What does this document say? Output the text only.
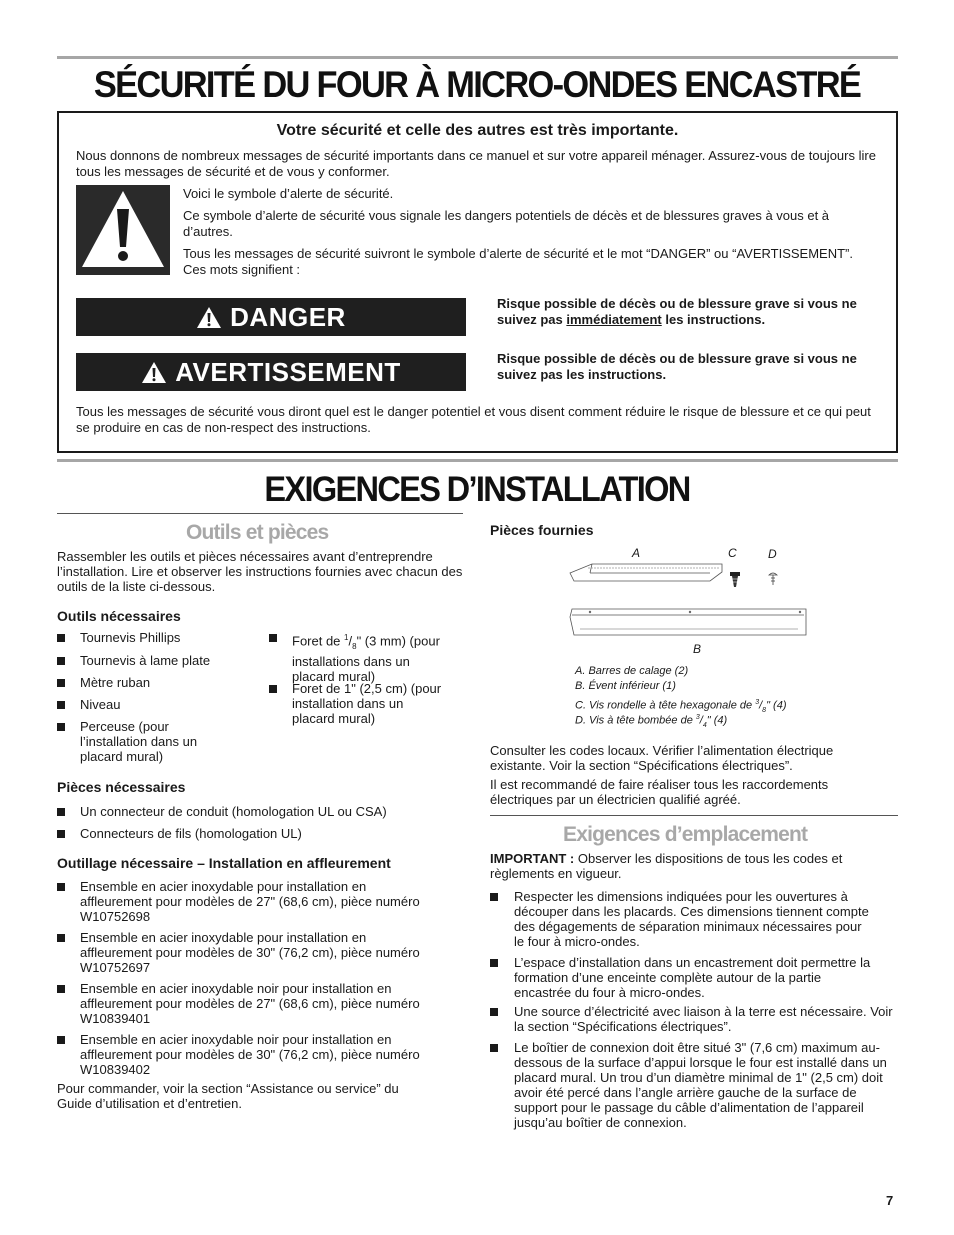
SÉCURITÉ DU FOUR À MICRO-ONDES ENCASTRÉ
Votre sécurité et celle des autres est très importante.
Nous donnons de nombreux messages de sécurité importants dans ce manuel et sur votre appareil ménager. Assurez-vous de toujours lire tous les messages de sécurité et de vous y conformer.
Voici le symbole d’alerte de sécurité.
Ce symbole d’alerte de sécurité vous signale les dangers potentiels de décès et de blessures graves à vous et à d’autres.
Tous les messages de sécurité suivront le symbole d’alerte de sécurité et le mot “DANGER” ou “AVERTISSEMENT”. Ces mots signifient :
DANGER	Risque possible de décès ou de blessure grave si vous ne suivez pas immédiatement les instructions.
AVERTISSEMENT	Risque possible de décès ou de blessure grave si vous ne suivez pas les instructions.
Tous les messages de sécurité vous diront quel est le danger potentiel et vous disent comment réduire le risque de blessure et ce qui peut se produire en cas de non-respect des instructions.
EXIGENCES D’INSTALLATION
Outils et pièces
Rassembler les outils et pièces nécessaires avant d’entreprendre l’installation. Lire et observer les instructions fournies avec chacun des outils de la liste ci-dessous.
Outils nécessaires
Tournevis Phillips
Tournevis à lame plate
Mètre ruban
Niveau
Perceuse (pour l’installation dans un placard mural)
Foret de $^1/_8$" (3 mm) (pour installations dans un placard mural)
Foret de 1" (2,5 cm) (pour installation dans un placard mural)
Pièces nécessaires
Un connecteur de conduit (homologation UL ou CSA)
Connecteurs de fils (homologation UL)
Outillage nécessaire – Installation en affleurement
Ensemble en acier inoxydable pour installation en affleurement pour modèles de 27" (68,6 cm), pièce numéro W10752698
Ensemble en acier inoxydable pour installation en affleurement pour modèles de 30" (76,2 cm), pièce numéro W10752697
Ensemble en acier inoxydable noir pour installation en affleurement pour modèles de 27" (68,6 cm), pièce numéro W10839401
Ensemble en acier inoxydable noir pour installation en affleurement pour modèles de 30" (76,2 cm), pièce numéro W10839402
Pour commander, voir la section “Assistance ou service” du Guide d’utilisation et d’entretien.
Pièces fournies
A	C	D
B
A. Barres de calage (2)
B. Évent inférieur (1)
C. Vis rondelle à tête hexagonale de $^3/_8$" (4)
D. Vis à tête bombée de $^3/_4$" (4)
Consulter les codes locaux. Vérifier l’alimentation électrique existante. Voir la section “Spécifications électriques”.
Il est recommandé de faire réaliser tous les raccordements électriques par un électricien qualifié agréé.
Exigences d’emplacement
IMPORTANT : Observer les dispositions de tous les codes et règlements en vigueur.
Respecter les dimensions indiquées pour les ouvertures à découper dans les placards. Ces dimensions tiennent compte des dégagements de séparation minimaux nécessaires pour le four à micro-ondes.
L’espace d’installation dans un encastrement doit permettre la formation d’une enceinte complète autour de la partie encastrée du four à micro-ondes.
Une source d’électricité avec liaison à la terre est nécessaire. Voir la section “Spécifications électriques”.
Le boîtier de connexion doit être situé 3" (7,6 cm) maximum au-dessous de la surface d’appui lorsque le four est installé dans un placard mural. Un trou d’un diamètre minimal de 1" (2,5 cm) doit avoir été percé dans l’angle arrière gauche de la surface de support pour le passage du câble d’alimentation de l’appareil jusqu’au boîtier de connexion.
7
